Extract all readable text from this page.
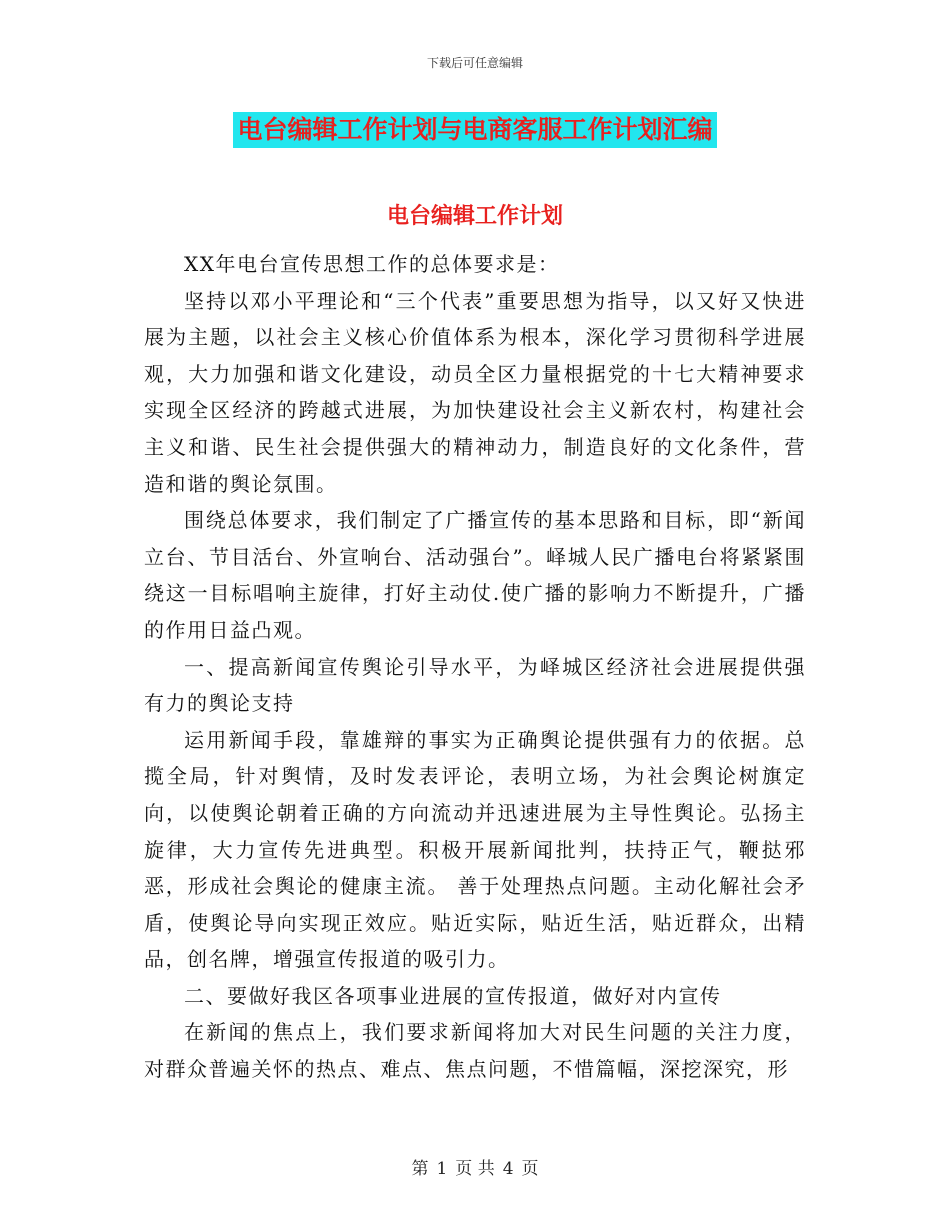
下载后可任意编辑
电台编辑工作计划与电商客服工作计划汇编
电台编辑工作计划

XX年电台宣传思想工作的总体要求是：

坚持以邓小平理论和“三个代表”重要思想为指导，以又好又快进展为主题，以社会主义核心价值体系为根本，深化学习贯彻科学进展观，大力加强和谐文化建设，动员全区力量根据党的十七大精神要求实现全区经济的跨越式进展，为加快建设社会主义新农村，构建社会主义和谐、民生社会提供强大的精神动力，制造良好的文化条件，营造和谐的舆论氛围。

围绕总体要求，我们制定了广播宣传的基本思路和目标，即“新闻立台、节目活台、外宣响台、活动强台”。峄城人民广播电台将紧紧围绕这一目标唱响主旋律，打好主动仗.使广播的影响力不断提升，广播的作用日益凸观。

一、提高新闻宣传舆论引导水平，为峄城区经济社会进展提供强有力的舆论支持

运用新闻手段，靠雄辩的事实为正确舆论提供强有力的依据。总揽全局，针对舆情，及时发表评论，表明立场，为社会舆论树旗定向，以使舆论朝着正确的方向流动并迅速进展为主导性舆论。弘扬主旋律，大力宣传先进典型。积极开展新闻批判，扶持正气，鞭挞邪恶，形成社会舆论的健康主流。 善于处理热点问题。主动化解社会矛盾，使舆论导向实现正效应。贴近实际，贴近生活，贴近群众，出精品，创名牌，增强宣传报道的吸引力。

二、要做好我区各项事业进展的宣传报道，做好对内宣传

在新闻的焦点上，我们要求新闻将加大对民生问题的关注力度，对群众普遍关怀的热点、难点、焦点问题，不惜篇幅，深挖深究，形

第 1 页 共 4 页
